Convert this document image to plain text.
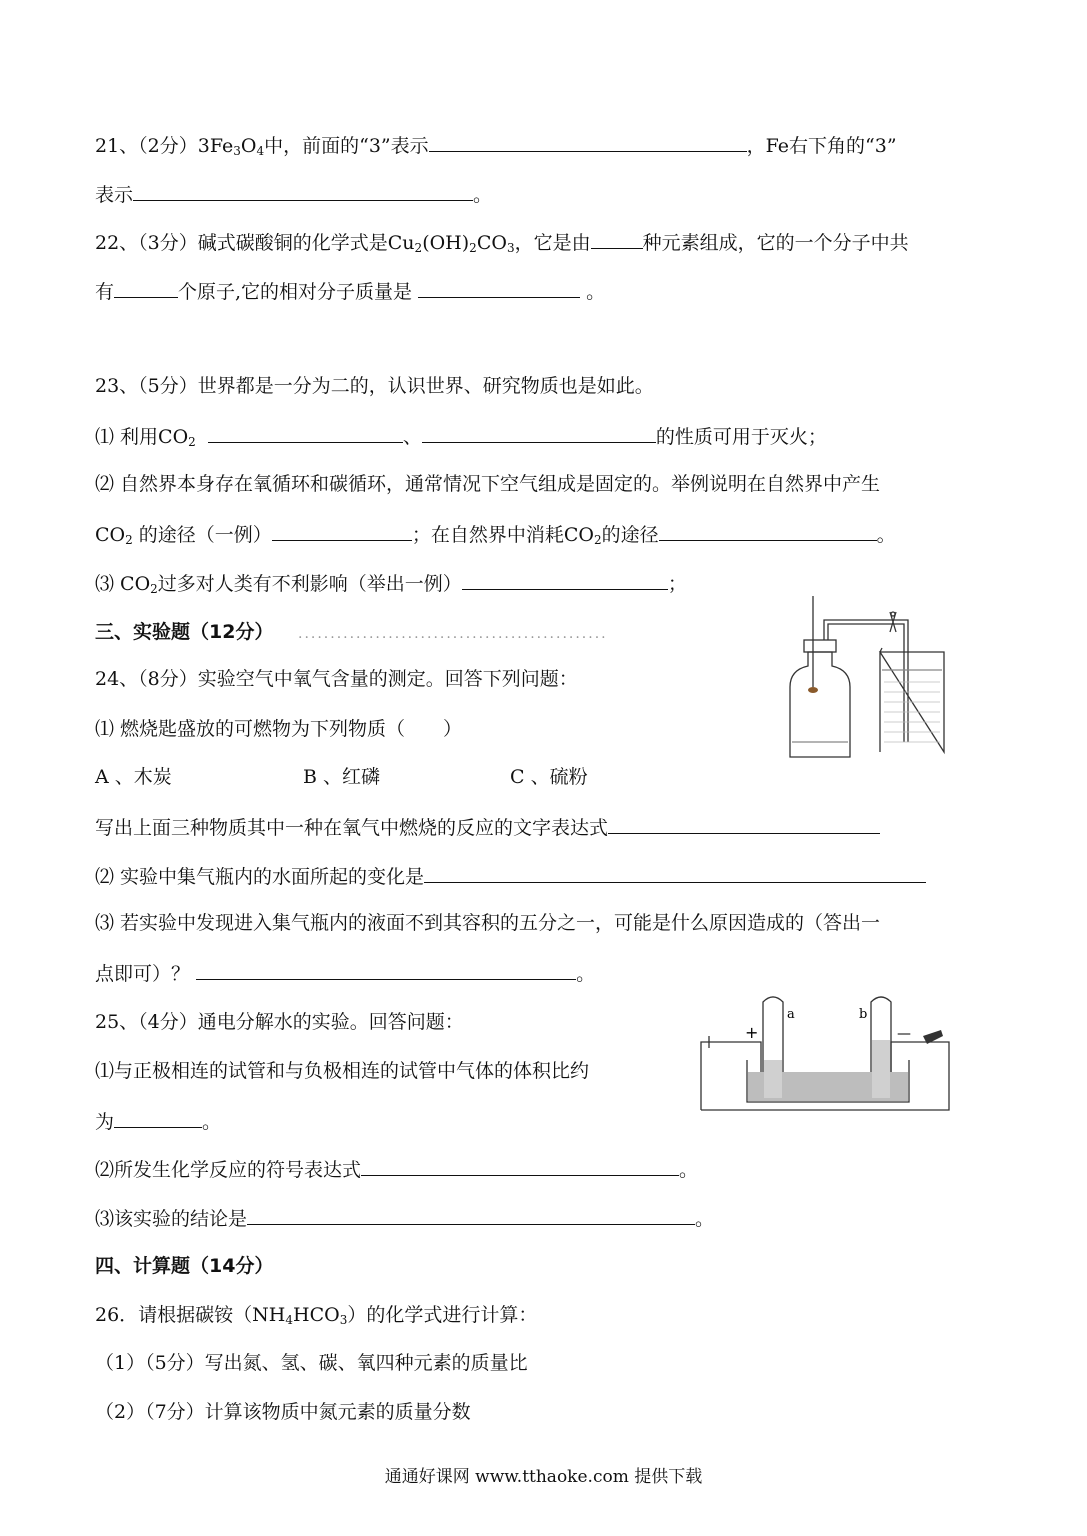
21、（2分）$3Fe_3O_4$中，前面的“3”表示	，Fe右下角的“3”
表示	。
22、（3分）碱式碳酸铜的化学式是$Cu_2(OH)_2CO_3$，它是由	种元素组成，它的一个分子中共
有	个原子,它的相对分子质量是	。
23、（5分）世界都是一分为二的，认识世界、研究物质也是如此。
⑴ 利用$CO_2$	、	的性质可用于灭火；
⑵ 自然界本身存在氧循环和碳循环，通常情况下空气组成是固定的。举例说明在自然界中产生
$CO_2$ 的途径（一例）	；在自然界中消耗$CO_2$的途径	。
⑶ $CO_2$过多对人类有不利影响（举出一例）	；
三、实验题（12分） ................................................
24、（8分）实验空气中氧气含量的测定。回答下列问题：
⑴ 燃烧匙盛放的可燃物为下列物质（　　）
A 、木炭	B 、红磷	C 、硫粉
写出上面三种物质其中一种在氧气中燃烧的反应的文字表达式
⑵ 实验中集气瓶内的水面所起的变化是
⑶ 若实验中发现进入集气瓶内的液面不到其容积的五分之一，可能是什么原因造成的（答出一
点即可）？	。
25、（4分）通电分解水的实验。回答问题：
⑴与正极相连的试管和与负极相连的试管中气体的体积比约
为	。
⑵所发生化学反应的符号表达式	。
⑶该实验的结论是	。
a	b
+	—
四、计算题（14分）
26．请根据碳铵$(NH_4HCO_3)$的化学式进行计算：
（1）（5分）写出氮、氢、碳、氧四种元素的质量比
（2）（7分）计算该物质中氮元素的质量分数
通通好课网 www.tthaoke.com 提供下载
